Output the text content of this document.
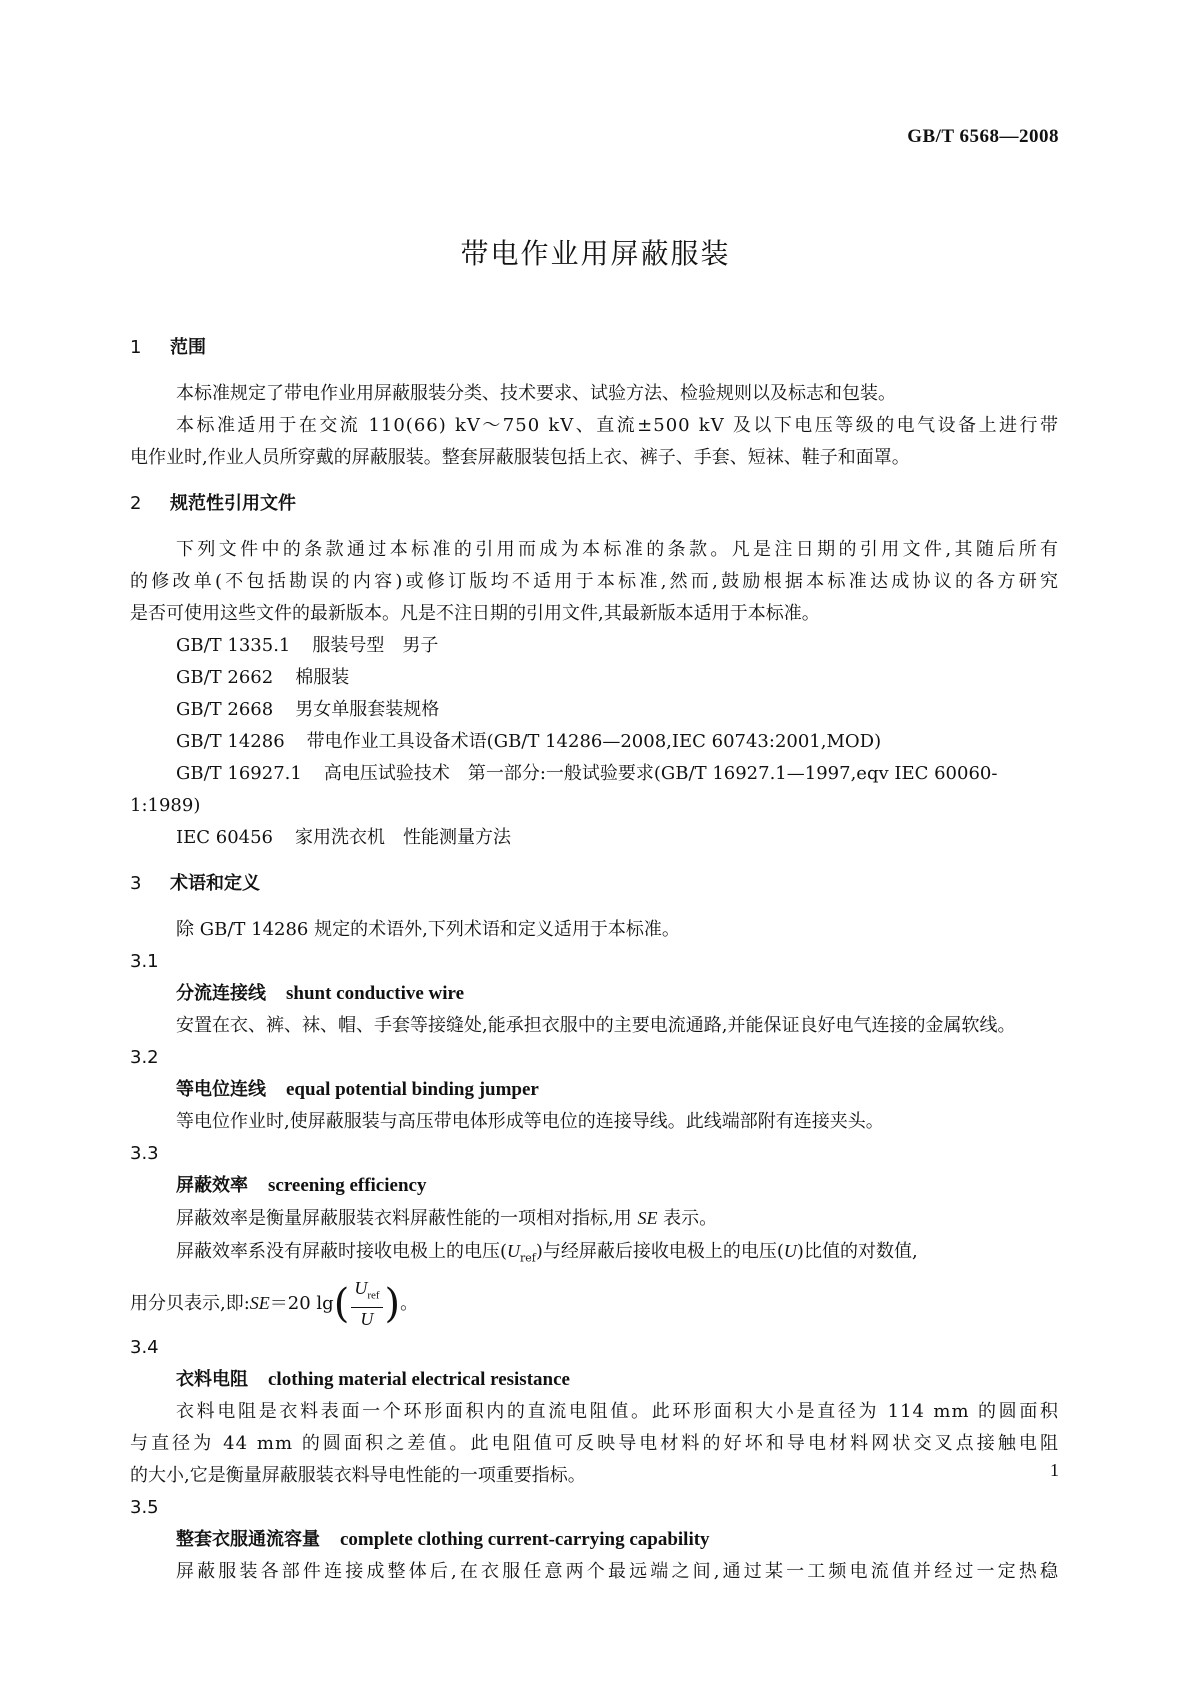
GB/T 6568—2008
带电作业用屏蔽服装

1 范围

本标准规定了带电作业用屏蔽服装分类、技术要求、试验方法、检验规则以及标志和包装。

本标准适用于在交流 110(66) kV～750 kV、直流±500 kV 及以下电压等级的电气设备上进行带

电作业时,作业人员所穿戴的屏蔽服装。整套屏蔽服装包括上衣、裤子、手套、短袜、鞋子和面罩。

2 规范性引用文件

下列文件中的条款通过本标准的引用而成为本标准的条款。凡是注日期的引用文件,其随后所有

的修改单(不包括勘误的内容)或修订版均不适用于本标准,然而,鼓励根据本标准达成协议的各方研究

是否可使用这些文件的最新版本。凡是不注日期的引用文件,其最新版本适用于本标准。

GB/T 1335.1 服装号型　男子

GB/T 2662 棉服装

GB/T 2668 男女单服套装规格

GB/T 14286 带电作业工具设备术语(GB/T 14286—2008,IEC 60743:2001,MOD)

GB/T 16927.1 高电压试验技术　第一部分:一般试验要求(GB/T 16927.1—1997,eqv IEC 60060-

1:1989)

IEC 60456 家用洗衣机　性能测量方法

3 术语和定义

除 GB/T 14286 规定的术语外,下列术语和定义适用于本标准。

3.1

分流连接线 shunt conductive wire

安置在衣、裤、袜、帽、手套等接缝处,能承担衣服中的主要电流通路,并能保证良好电气连接的金属软线。

3.2

等电位连线 equal potential binding jumper

等电位作业时,使屏蔽服装与高压带电体形成等电位的连接导线。此线端部附有连接夹头。

3.3

屏蔽效率 screening efficiency

屏蔽效率是衡量屏蔽服装衣料屏蔽性能的一项相对指标,用 SE 表示。

屏蔽效率系没有屏蔽时接收电极上的电压$(U_{ref})$与经屏蔽后接收电极上的电压(U)比值的对数值,

用分贝表示,即:SE＝20 $\lg( \frac{U_{ref}}{U}$ )。

3.4

衣料电阻 clothing material electrical resistance

衣料电阻是衣料表面一个环形面积内的直流电阻值。此环形面积大小是直径为 114 mm 的圆面积

与直径为 44 mm 的圆面积之差值。此电阻值可反映导电材料的好坏和导电材料网状交叉点接触电阻

的大小,它是衡量屏蔽服装衣料导电性能的一项重要指标。

3.5

整套衣服通流容量 complete clothing current-carrying capability

屏蔽服装各部件连接成整体后,在衣服任意两个最远端之间,通过某一工频电流值并经过一定热稳

1
